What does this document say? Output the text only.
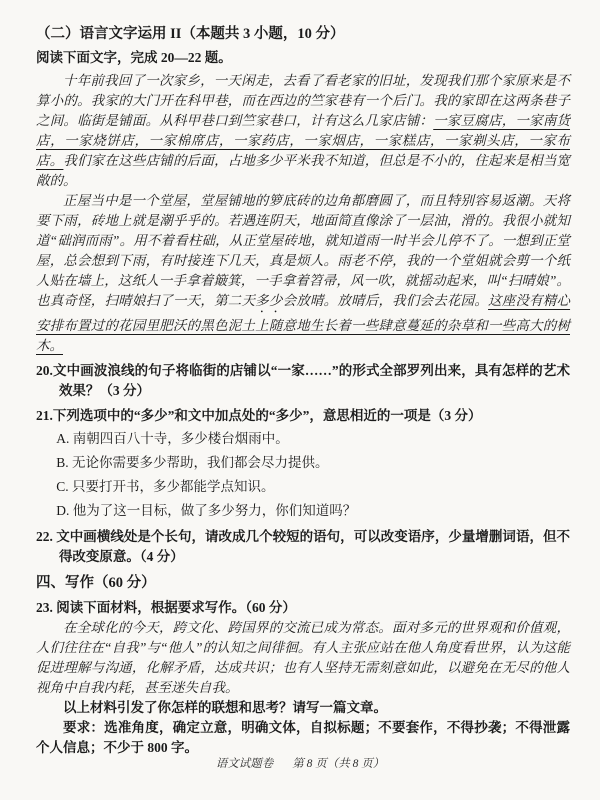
（二）语言文字运用 II（本题共 3 小题，10 分）
阅读下面文字，完成 20—22 题。

十年前我回了一次家乡，一天闲走，去看了看老家的旧址，发现我们那个家原来是不算小的。我家的大门开在科甲巷，而在西边的竺家巷有一个后门。我的家即在这两条巷子之间。临街是铺面。从科甲巷口到竺家巷口，计有这么几家店铺：一家豆腐店，一家南货店，一家烧饼店，一家棉席店，一家药店，一家烟店，一家糕店，一家剃头店，一家布店。我们家在这些店铺的后面，占地多少平米我不知道，但总是不小的，住起来是相当宽敞的。

正屋当中是一个堂屋，堂屋铺地的箩底砖的边角都磨圆了，而且特别容易返潮。天将要下雨，砖地上就是潮乎乎的。若遇连阴天，地面简直像涂了一层油，滑的。我很小就知道“础润而雨”。用不着看柱础，从正堂屋砖地，就知道雨一时半会儿停不了。一想到正堂屋，总会想到下雨，有时接连下几天，真是烦人。雨老不停，我的一个堂姐就会剪一个纸人贴在墙上，这纸人一手拿着簸箕，一手拿着笤帚，风一吹，就摇动起来，叫“扫晴娘”。也真奇怪，扫晴娘扫了一天，第二天多少会放晴。放晴后，我们会去花园。这座没有精心安排布置过的花园里肥沃的黑色泥土上随意地生长着一些肆意蔓延的杂草和一些高大的树木。

20.文中画波浪线的句子将临街的店铺以“一家……”的形式全部罗列出来，具有怎样的艺术效果？（3 分）
21.下列选项中的“多少”和文中加点处的“多少”，意思相近的一项是（3 分）
A. 南朝四百八十寺，多少楼台烟雨中。
B. 无论你需要多少帮助，我们都会尽力提供。
C. 只要打开书，多少都能学点知识。
D. 他为了这一目标，做了多少努力，你们知道吗？
22. 文中画横线处是个长句，请改成几个较短的语句，可以改变语序，少量增删词语，但不得改变原意。（4 分）
四、写作（60 分）
23. 阅读下面材料，根据要求写作。（60 分）

在全球化的今天，跨文化、跨国界的交流已成为常态。面对多元的世界观和价值观，人们往往在“自我”与“他人”的认知之间徘徊。有人主张应站在他人角度看世界，认为这能促进理解与沟通，化解矛盾，达成共识；也有人坚持无需刻意如此，以避免在无尽的他人视角中自我内耗，甚至迷失自我。

以上材料引发了你怎样的联想和思考？请写一篇文章。

要求：选准角度，确定立意，明确文体，自拟标题；不要套作，不得抄袭；不得泄露个人信息；不少于 800 字。

语文试题卷 第 8 页（共 8 页）
